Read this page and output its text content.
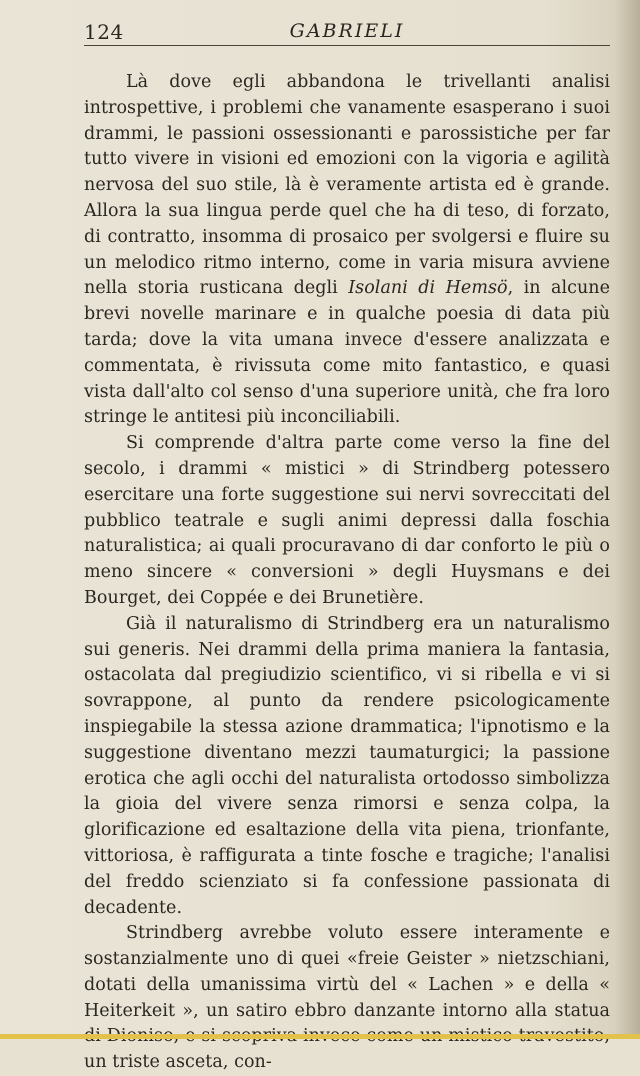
124	GABRIELI

Là dove egli abbandona le trivellanti analisi introspettive, i problemi che vanamente esasperano i suoi drammi, le passioni ossessionanti e parossistiche per far tutto vivere in visioni ed emozioni con la vigoria e agilità nervosa del suo stile, là è veramente artista ed è grande. Allora la sua lingua perde quel che ha di teso, di forzato, di contratto, insomma di prosaico per svolgersi e fluire su un melodico ritmo interno, come in varia misura avviene nella storia rusticana degli Isolani di Hemsö, in alcune brevi novelle marinare e in qualche poesia di data più tarda; dove la vita umana invece d'essere analizzata e commentata, è rivissuta come mito fantastico, e quasi vista dall'alto col senso d'una superiore unità, che fra loro stringe le antitesi più inconciliabili.

Si comprende d'altra parte come verso la fine del secolo, i drammi « mistici » di Strindberg potessero esercitare una forte suggestione sui nervi sovreccitati del pubblico teatrale e sugli animi depressi dalla foschia naturalistica; ai quali procuravano di dar conforto le più o meno sincere « conversioni » degli Huysmans e dei Bourget, dei Coppée e dei Brunetière.

Già il naturalismo di Strindberg era un naturalismo sui generis. Nei drammi della prima maniera la fantasia, ostacolata dal pregiudizio scientifico, vi si ribella e vi si sovrappone, al punto da rendere psicologicamente inspiegabile la stessa azione drammatica; l'ipnotismo e la suggestione diventano mezzi taumaturgici; la passione erotica che agli occhi del naturalista ortodosso simbolizza la gioia del vivere senza rimorsi e senza colpa, la glorificazione ed esaltazione della vita piena, trionfante, vittoriosa, è raffigurata a tinte fosche e tragiche; l'analisi del freddo scienziato si fa confessione passionata di decadente.

Strindberg avrebbe voluto essere interamente e sostanzialmente uno di quei «freie Geister » nietzschiani, dotati della umanissima virtù del « Lachen » e della « Heiterkeit », un satiro ebbro danzante intorno alla statua un triste asceta, con-
